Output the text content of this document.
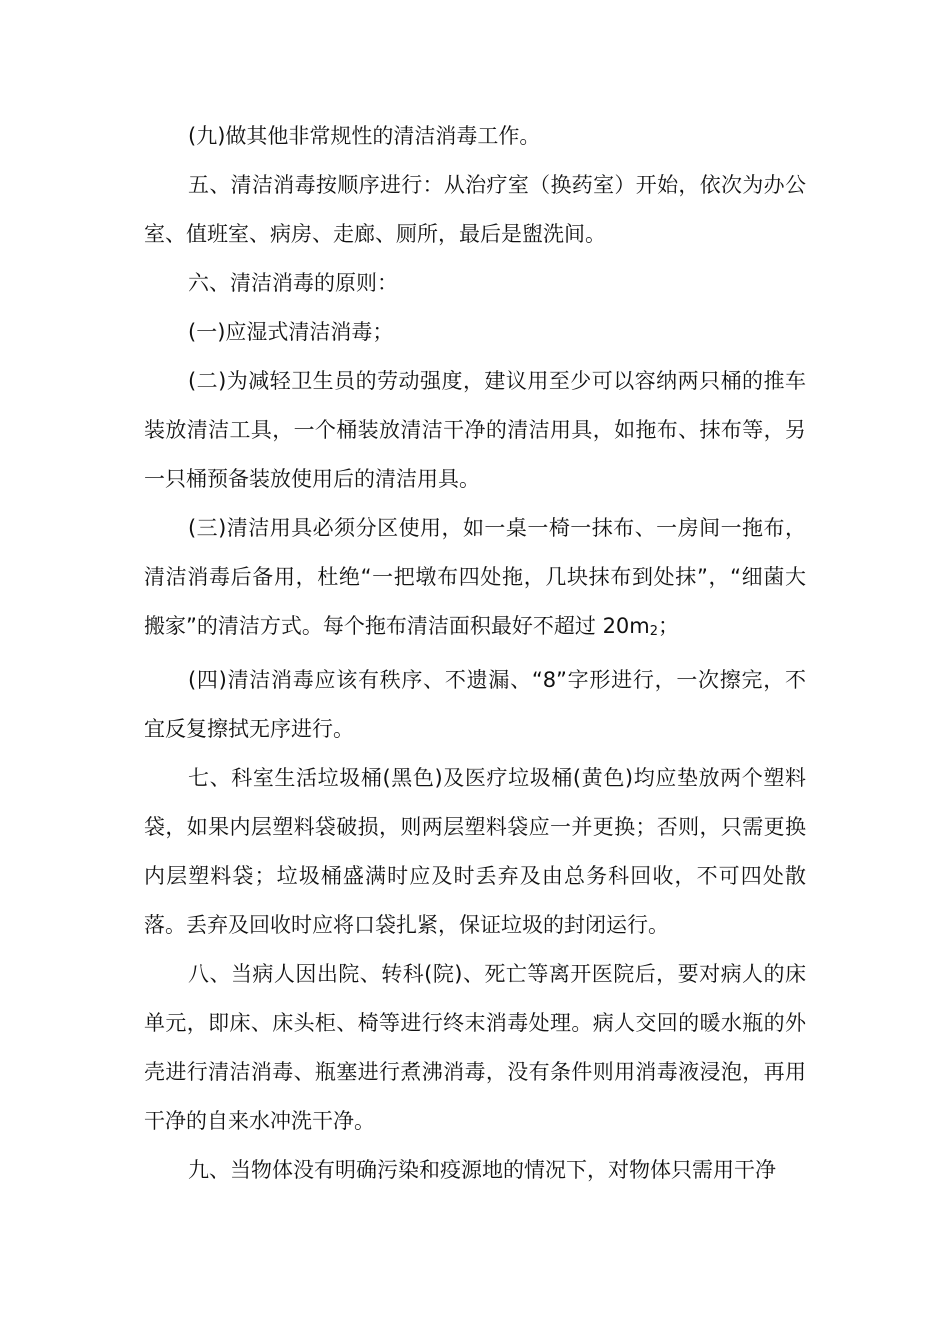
(九)做其他非常规性的清洁消毒工作。

五、清洁消毒按顺序进行：从治疗室（换药室）开始，依次为办公室、值班室、病房、走廊、厕所，最后是盥洗间。

六、清洁消毒的原则：

(一)应湿式清洁消毒；

(二)为减轻卫生员的劳动强度，建议用至少可以容纳两只桶的推车装放清洁工具，一个桶装放清洁干净的清洁用具，如拖布、抹布等，另一只桶预备装放使用后的清洁用具。

(三)清洁用具必须分区使用，如一桌一椅一抹布、一房间一拖布，清洁消毒后备用，杜绝“一把墩布四处拖，几块抹布到处抹”，“细菌大搬家”的清洁方式。每个拖布清洁面积最好不超过 20m2；

(四)清洁消毒应该有秩序、不遗漏、“8”字形进行，一次擦完，不宜反复擦拭无序进行。

七、科室生活垃圾桶(黑色)及医疗垃圾桶(黄色)均应垫放两个塑料袋，如果内层塑料袋破损，则两层塑料袋应一并更换；否则，只需更换内层塑料袋；垃圾桶盛满时应及时丢弃及由总务科回收，不可四处散落。丢弃及回收时应将口袋扎紧，保证垃圾的封闭运行。

八、当病人因出院、转科(院)、死亡等离开医院后，要对病人的床单元，即床、床头柜、椅等进行终末消毒处理。病人交回的暖水瓶的外壳进行清洁消毒、瓶塞进行煮沸消毒，没有条件则用消毒液浸泡，再用干净的自来水冲洗干净。

九、当物体没有明确污染和疫源地的情况下，对物体只需用干净
